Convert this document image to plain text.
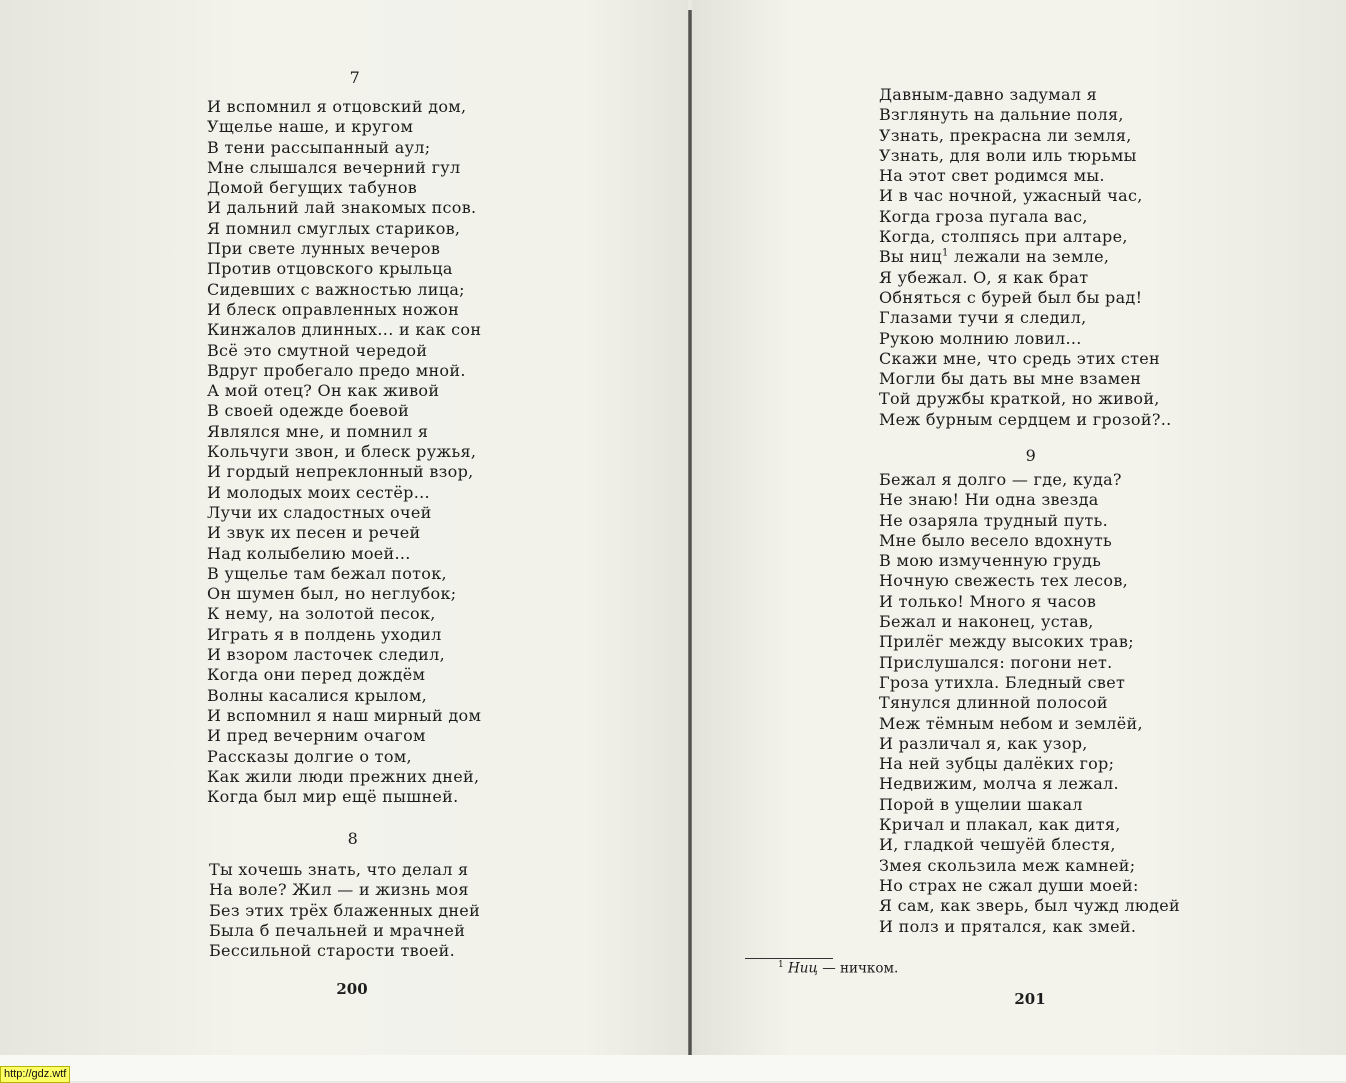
7
И вспомнил я отцовский дом,
Ущелье наше, и кругом
В тени рассыпанный аул;
Мне слышался вечерний гул
Домой бегущих табунов
И дальний лай знакомых псов.
Я помнил смуглых стариков,
При свете лунных вечеров
Против отцовского крыльца
Сидевших с важностью лица;
И блеск оправленных ножон
Кинжалов длинных... и как сон
Всё это смутной чередой
Вдруг пробегало предо мной.
А мой отец? Он как живой
В своей одежде боевой
Являлся мне, и помнил я
Кольчуги звон, и блеск ружья,
И гордый непреклонный взор,
И молодых моих сестёр...
Лучи их сладостных очей
И звук их песен и речей
Над колыбелию моей...
В ущелье там бежал поток,
Он шумен был, но неглубок;
К нему, на золотой песок,
Играть я в полдень уходил
И взором ласточек следил,
Когда они перед дождём
Волны касалися крылом,
И вспомнил я наш мирный дом
И пред вечерним очагом
Рассказы долгие о том,
Как жили люди прежних дней,
Когда был мир ещё пышней.
8
Ты хочешь знать, что делал я
На воле? Жил — и жизнь моя
Без этих трёх блаженных дней
Была б печальней и мрачней
Бессильной старости твоей.
200
Давным-давно задумал я
Взглянуть на дальние поля,
Узнать, прекрасна ли земля,
Узнать, для воли иль тюрьмы
На этот свет родимся мы.
И в час ночной, ужасный час,
Когда гроза пугала вас,
Когда, столпясь при алтаре,
Вы ниц$^1$ лежали на земле,
Я убежал. О, я как брат
Обняться с бурей был бы рад!
Глазами тучи я следил,
Рукою молнию ловил...
Скажи мне, что средь этих стен
Могли бы дать вы мне взамен
Той дружбы краткой, но живой,
Меж бурным сердцем и грозой?..
9
Бежал я долго — где, куда?
Не знаю! Ни одна звезда
Не озаряла трудный путь.
Мне было весело вдохнуть
В мою измученную грудь
Ночную свежесть тех лесов,
И только! Много я часов
Бежал и наконец, устав,
Прилёг между высоких трав;
Прислушался: погони нет.
Гроза утихла. Бледный свет
Тянулся длинной полосой
Меж тёмным небом и землёй,
И различал я, как узор,
На ней зубцы далёких гор;
Недвижим, молча я лежал.
Порой в ущелии шакал
Кричал и плакал, как дитя,
И, гладкой чешуёй блестя,
Змея скользила меж камней;
Но страх не сжал души моей:
Я сам, как зверь, был чужд людей
И полз и прятался, как змей.
201
$^1$ Ниц — ничком.
http://gdz.wtf
